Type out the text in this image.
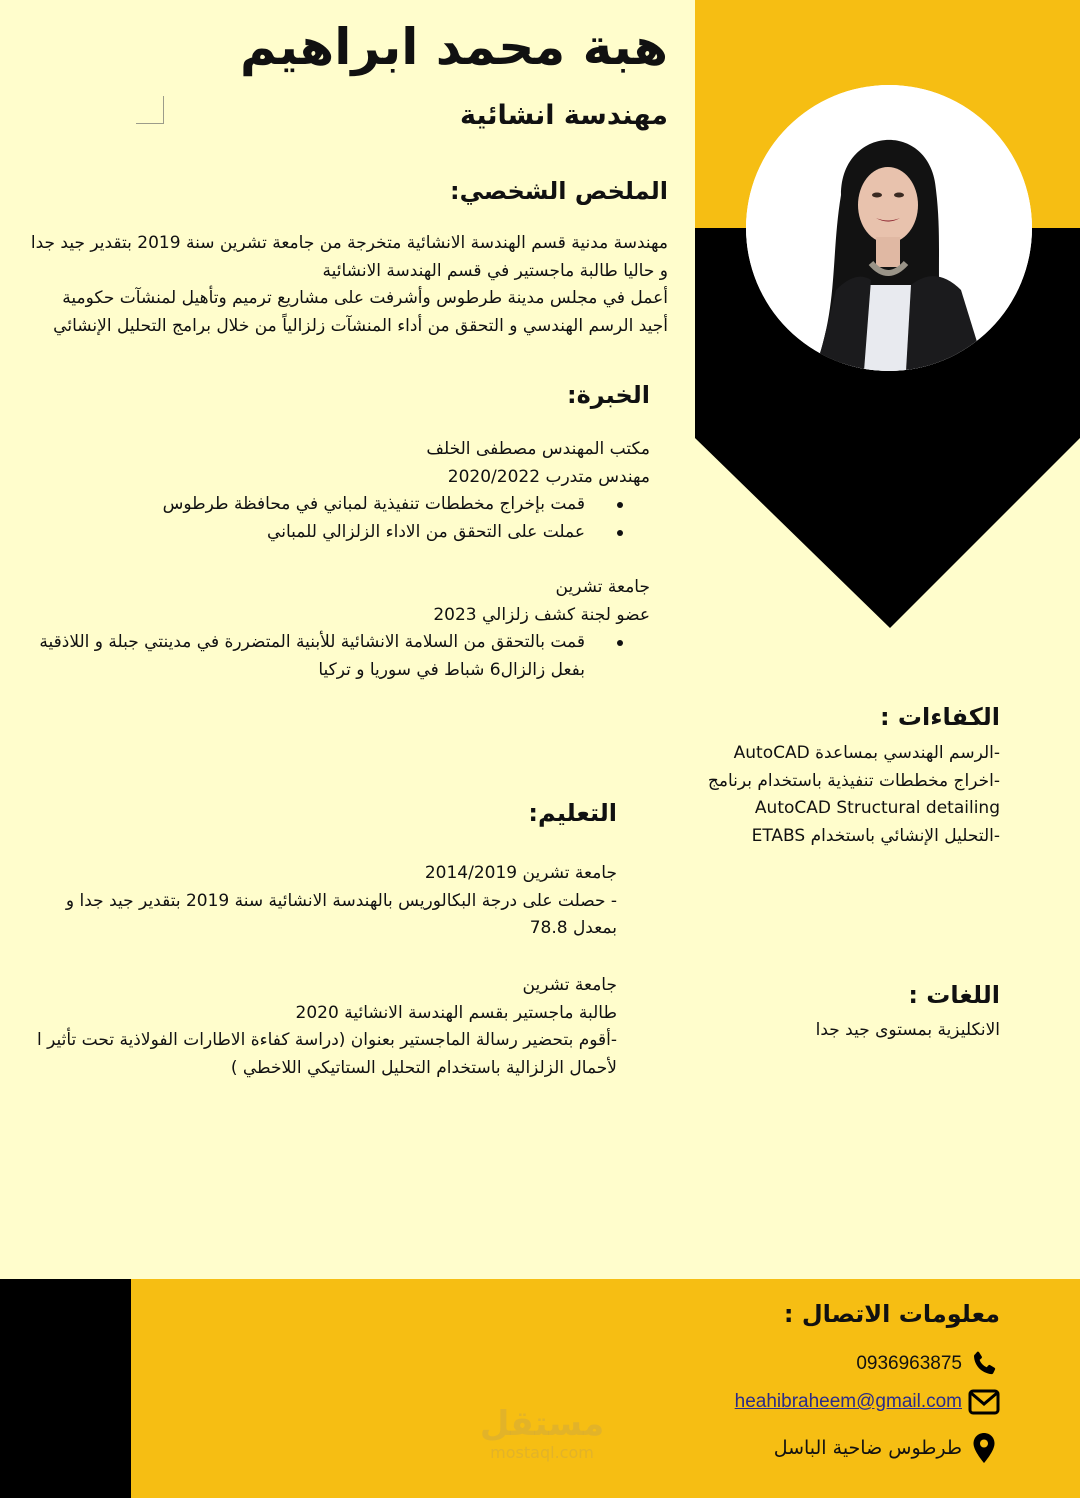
هبة محمد ابراهيم
مهندسة انشائية
الملخص الشخصي:
مهندسة مدنية قسم الهندسة الانشائية متخرجة من جامعة تشرين سنة 2019 بتقدير جيد جدا
و حاليا طالبة ماجستير في قسم الهندسة الانشائية
أعمل في مجلس مدينة طرطوس وأشرفت على مشاريع ترميم وتأهيل لمنشآت حكومية
أجيد الرسم الهندسي و التحقق من أداء المنشآت زلزالياً من خلال برامج التحليل الإنشائي
الخبرة:
مكتب المهندس مصطفى الخلف
مهندس متدرب 2020/2022
قمت بإخراج مخططات تنفيذية لمباني في محافظة طرطوس
عملت على التحقق من الاداء الزلزالي للمباني
جامعة تشرين
عضو لجنة كشف زلزالي 2023
قمت بالتحقق من السلامة الانشائية للأبنية المتضررة في مدينتي جبلة و اللاذقية بفعل زالزال6 شباط في سوريا و تركيا
الكفاءات :
-الرسم الهندسي بمساعدة AutoCAD
-اخراج مخططات تنفيذية باستخدام برنامج AutoCAD Structural detailing
-التحليل الإنشائي باستخدام ETABS
اللغات :
الانكليزية بمستوى جيد جدا
التعليم:
جامعة تشرين 2014/2019
- حصلت على درجة البكالوريس بالهندسة الانشائية سنة 2019 بتقدير جيد جدا و بمعدل 78.8
جامعة تشرين
طالبة ماجستير بقسم الهندسة الانشائية 2020
-أقوم بتحضير رسالة الماجستير بعنوان (دراسة كفاءة الاطارات الفولاذية تحت تأثير ا لأحمال الزلزالية باستخدام التحليل الستاتيكي اللاخطي )
مستقل
mostaql.com
معلومات الاتصال :
0936963875
heahibraheem@gmail.com
طرطوس ضاحية الباسل
